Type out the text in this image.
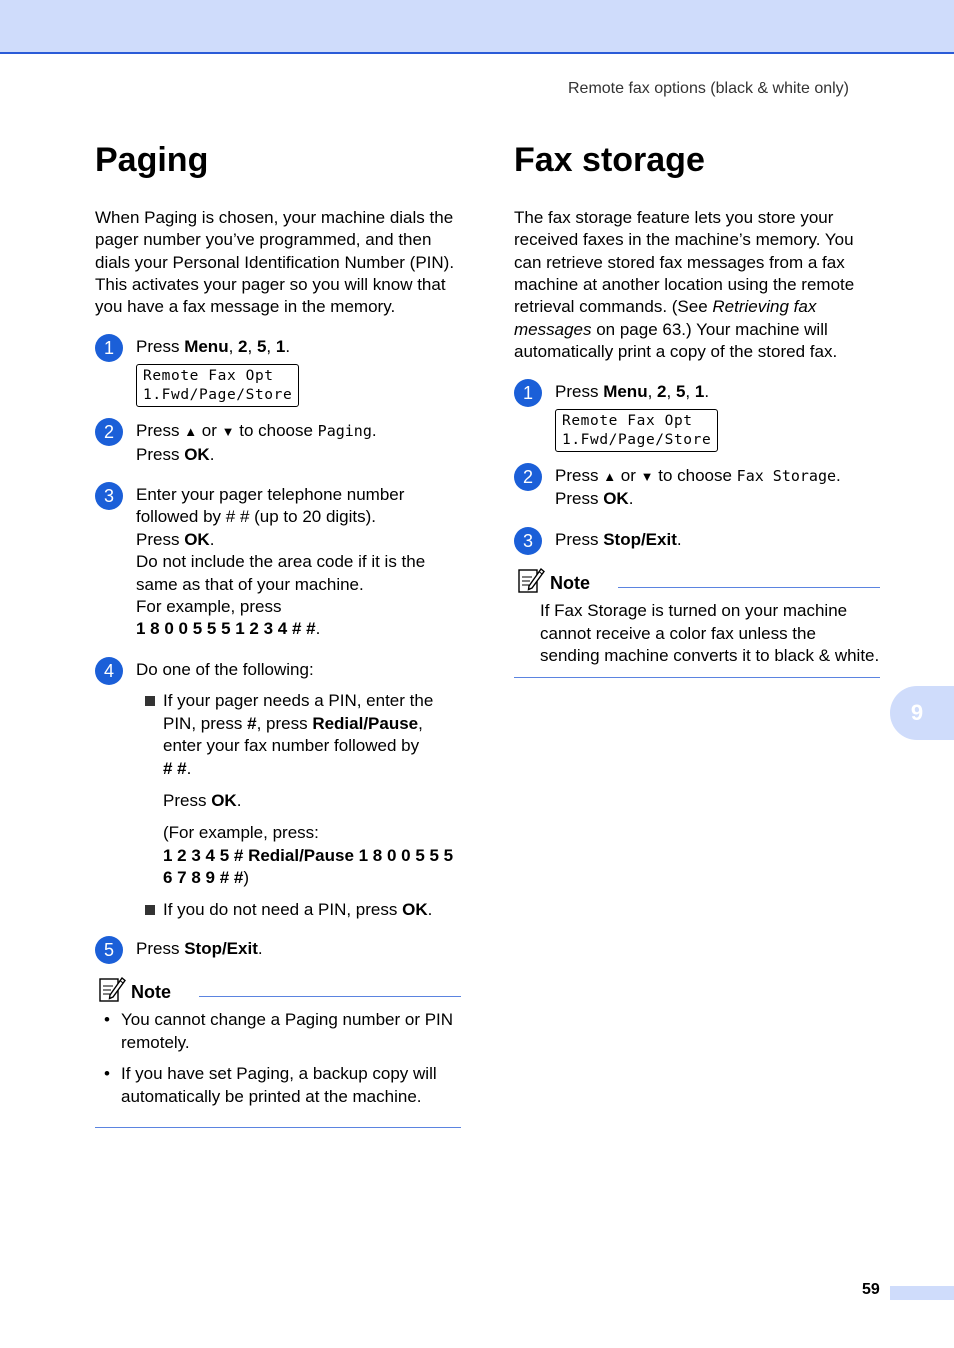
Remote fax options (black & white only)
Paging

When Paging is chosen, your machine dials the pager number you’ve programmed, and then dials your Personal Identification Number (PIN). This activates your pager so you will know that you have a fax message in the memory.

1	Press Menu, 2, 5, 1.

Remote Fax Opt
1.Fwd/Page/Store
2	Press ▲ or ▼ to choose Paging.
Press OK.

3	Enter your pager telephone number followed by # # (up to 20 digits).
Press OK.
Do not include the area code if it is the same as that of your machine.
For example, press
1 8 0 0 5 5 5 1 2 3 4 # #.

4	Do one of the following:

If your pager needs a PIN, enter the PIN, press #, press Redial/Pause, enter your fax number followed by
# #.

Press OK.

(For example, press:
1 2 3 4 5 # Redial/Pause 1 8 0 0 5 5 5 6 7 8 9 # #)

If you do not need a PIN, press OK.

5	Press Stop/Exit.

Note
• You cannot change a Paging number or PIN remotely.
• If you have set Paging, a backup copy will automatically be printed at the machine.
Fax storage

The fax storage feature lets you store your received faxes in the machine’s memory. You can retrieve stored fax messages from a fax machine at another location using the remote retrieval commands. (See Retrieving fax messages on page 63.) Your machine will automatically print a copy of the stored fax.

1	Press Menu, 2, 5, 1.

Remote Fax Opt
1.Fwd/Page/Store
2	Press ▲ or ▼ to choose Fax Storage.
Press OK.

3	Press Stop/Exit.

Note

If Fax Storage is turned on your machine cannot receive a color fax unless the sending machine converts it to black & white.

9
59
